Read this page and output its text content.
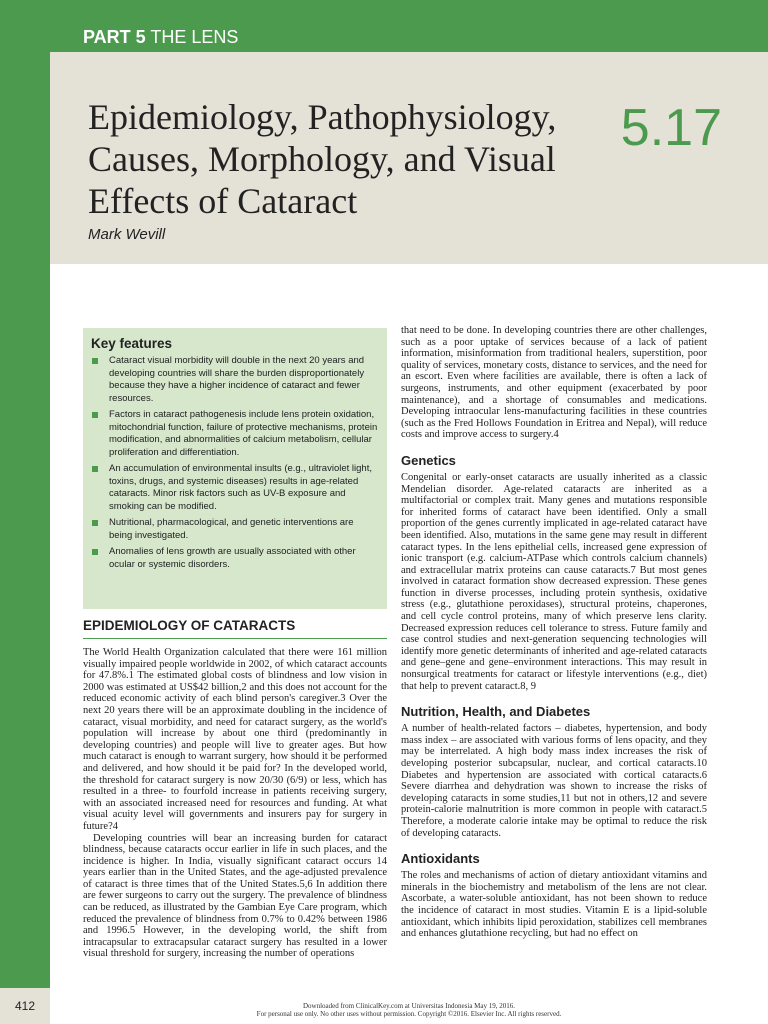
PART 5 THE LENS
412
Epidemiology, Pathophysiology, Causes, Morphology, and Visual Effects of Cataract
5.17
Mark Wevill
Key features
Cataract visual morbidity will double in the next 20 years and developing countries will share the burden disproportionately because they have a higher incidence of cataract and fewer resources.
Factors in cataract pathogenesis include lens protein oxidation, mitochondrial function, failure of protective mechanisms, protein modification, and abnormalities of calcium metabolism, cellular proliferation and differentiation.
An accumulation of environmental insults (e.g., ultraviolet light, toxins, drugs, and systemic diseases) results in age-related cataracts. Minor risk factors such as UV-B exposure and smoking can be modified.
Nutritional, pharmacological, and genetic interventions are being investigated.
Anomalies of lens growth are usually associated with other ocular or systemic disorders.
EPIDEMIOLOGY OF CATARACTS

The World Health Organization calculated that there were 161 million visually impaired people worldwide in 2002, of which cataract accounts for 47.8%.1 The estimated global costs of blindness and low vision in 2000 was estimated at US$42 billion,2 and this does not account for the reduced economic activity of each blind person's caregiver.3 Over the next 20 years there will be an approximate doubling in the incidence of cataract, visual morbidity, and need for cataract surgery, as the world's population will increase by about one third (predominantly in developing countries) and people will live to greater ages. But how much cataract is enough to warrant surgery, how should it be performed and delivered, and how should it be paid for? In the developed world, the threshold for cataract surgery is now 20/30 (6/9) or less, which has resulted in a three- to fourfold increase in patients receiving surgery, with an associated increased need for resources and funding. At what visual acuity level will governments and insurers pay for surgery in future?4

Developing countries will bear an increasing burden for cataract blindness, because cataracts occur earlier in life in such places, and the incidence is higher. In India, visually significant cataract occurs 14 years earlier than in the United States, and the age-adjusted prevalence of cataract is three times that of the United States.5,6 In addition there are fewer surgeons to carry out the surgery. The prevalence of blindness can be reduced, as illustrated by the Gambian Eye Care program, which reduced the prevalence of blindness from 0.7% to 0.42% between 1986 and 1996.5 However, in the developing world, the shift from intracapsular to extracapsular cataract surgery has resulted in a lower visual threshold for surgery, increasing the number of operations

that need to be done. In developing countries there are other challenges, such as a poor uptake of services because of a lack of patient information, misinformation from traditional healers, superstition, poor quality of services, monetary costs, distance to services, and the need for an escort. Even where facilities are available, there is often a lack of surgeons, instruments, and other equipment (exacerbated by poor maintenance), and a shortage of consumables and medications. Developing intraocular lens-manufacturing facilities in these countries (such as the Fred Hollows Foundation in Eritrea and Nepal), will reduce costs and improve access to surgery.4

Genetics

Congenital or early-onset cataracts are usually inherited as a classic Mendelian disorder. Age-related cataracts are inherited as a multifactorial or complex trait. Many genes and mutations responsible for inherited forms of cataract have been identified. Only a small proportion of the genes currently implicated in age-related cataract have been identified. Also, mutations in the same gene may result in different cataract types. In the lens epithelial cells, increased gene expression of ionic transport (e.g. calcium-ATPase which controls calcium channels) and extracellular matrix proteins can cause cataracts.7 But most genes involved in cataract formation show decreased expression. These genes function in diverse processes, including protein synthesis, oxidative stress (e.g., glutathione peroxidases), structural proteins, chaperones, and cell cycle control proteins, many of which preserve lens clarity. Decreased expression reduces cell tolerance to stress. Future family and case control studies and next-generation sequencing technologies will identify more genetic determinants of inherited and age-related cataracts and gene–gene and gene–environment interactions. This may result in nonsurgical treatments for cataract or lifestyle interventions (e.g., diet) that help to prevent cataract.8, 9

Nutrition, Health, and Diabetes

A number of health-related factors – diabetes, hypertension, and body mass index – are associated with various forms of lens opacity, and they may be interrelated. A high body mass index increases the risk of developing posterior subcapsular, nuclear, and cortical cataracts.10 Diabetes and hypertension are associated with cortical cataracts.6 Severe diarrhea and dehydration was shown to increase the risks of developing cataracts in some studies,11 but not in others,12 and severe protein-calorie malnutrition is more common in people with cataract.5 Therefore, a moderate calorie intake may be optimal to reduce the risk of developing cataracts.

Antioxidants

The roles and mechanisms of action of dietary antioxidant vitamins and minerals in the biochemistry and metabolism of the lens are not clear. Ascorbate, a water-soluble antioxidant, has not been shown to reduce the incidence of cataract in most studies. Vitamin E is a lipid-soluble antioxidant, which inhibits lipid peroxidation, stabilizes cell membranes and enhances glutathione recycling, but had no effect on

Downloaded from ClinicalKey.com at Universitas Indonesia May 19, 2016.
For personal use only. No other uses without permission. Copyright ©2016. Elsevier Inc. All rights reserved.
